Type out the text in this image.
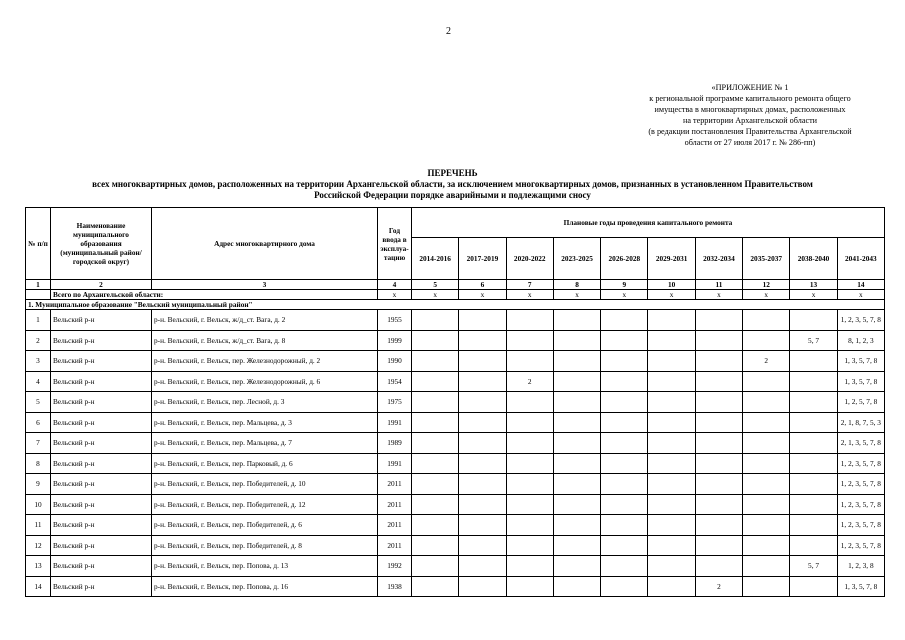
2
«ПРИЛОЖЕНИЕ № 1
к региональной программе капитального ремонта общего
имущества в многоквартирных домах, расположенных
на территории Архангельской области
(в редакции постановления Правительства Архангельской
области от 27 июля 2017 г. № 286-пп)
ПЕРЕЧЕНЬ
всех многоквартирных домов, расположенных на территории Архангельской области, за исключением многоквартирных домов, признанных в установленном Правительством
Российской Федерации порядке аварийными и подлежащими сносу
№ п/п	Наименование муниципального образования (муниципальный район/городской округ)	Адрес многоквартирного дома	Год ввода в эксплуа-тацию	Плановые годы проведения капитального ремонта									
				2014-2016	2017-2019	2020-2022	2023-2025	2026-2028	2029-2031	2032-2034	2035-2037	2038-2040	2041-2043
1	2	3	4	5	6	7	8	9	10	11	12	13	14
	Всего по Архангельской области:		х	х	х	х	х	х	х	х	х	х	х
1. Муниципальное образование "Вельский муниципальный район"													
1	Вельский р-н	р-н. Вельский, г. Вельск, ж/д_ст. Вага, д. 2	1955										1, 2, 3, 5, 7, 8
2	Вельский р-н	р-н. Вельский, г. Вельск, ж/д_ст. Вага, д. 8	1999									5, 7	8, 1, 2, 3
3	Вельский р-н	р-н. Вельский, г. Вельск, пер. Железнодорожный, д. 2	1990								2		1, 3, 5, 7, 8
4	Вельский р-н	р-н. Вельский, г. Вельск, пер. Железнодорожный, д. 6	1954			2							1, 3, 5, 7, 8
5	Вельский р-н	р-н. Вельский, г. Вельск, пер. Лесной, д. 3	1975										1, 2, 5, 7, 8
6	Вельский р-н	р-н. Вельский, г. Вельск, пер. Мальцева, д. 3	1991										2, 1, 8, 7, 5, 3
7	Вельский р-н	р-н. Вельский, г. Вельск, пер. Мальцева, д. 7	1989										2, 1, 3, 5, 7, 8
8	Вельский р-н	р-н. Вельский, г. Вельск, пер. Парковый, д. 6	1991										1, 2, 3, 5, 7, 8
9	Вельский р-н	р-н. Вельский, г. Вельск, пер. Победителей, д. 10	2011										1, 2, 3, 5, 7, 8
10	Вельский р-н	р-н. Вельский, г. Вельск, пер. Победителей, д. 12	2011										1, 2, 3, 5, 7, 8
11	Вельский р-н	р-н. Вельский, г. Вельск, пер. Победителей, д. 6	2011										1, 2, 3, 5, 7, 8
12	Вельский р-н	р-н. Вельский, г. Вельск, пер. Победителей, д. 8	2011										1, 2, 3, 5, 7, 8
13	Вельский р-н	р-н. Вельский, г. Вельск, пер. Попова, д. 13	1992									5, 7	1, 2, 3, 8
14	Вельский р-н	р-н. Вельский, г. Вельск, пер. Попова, д. 16	1938							2			1, 3, 5, 7, 8
